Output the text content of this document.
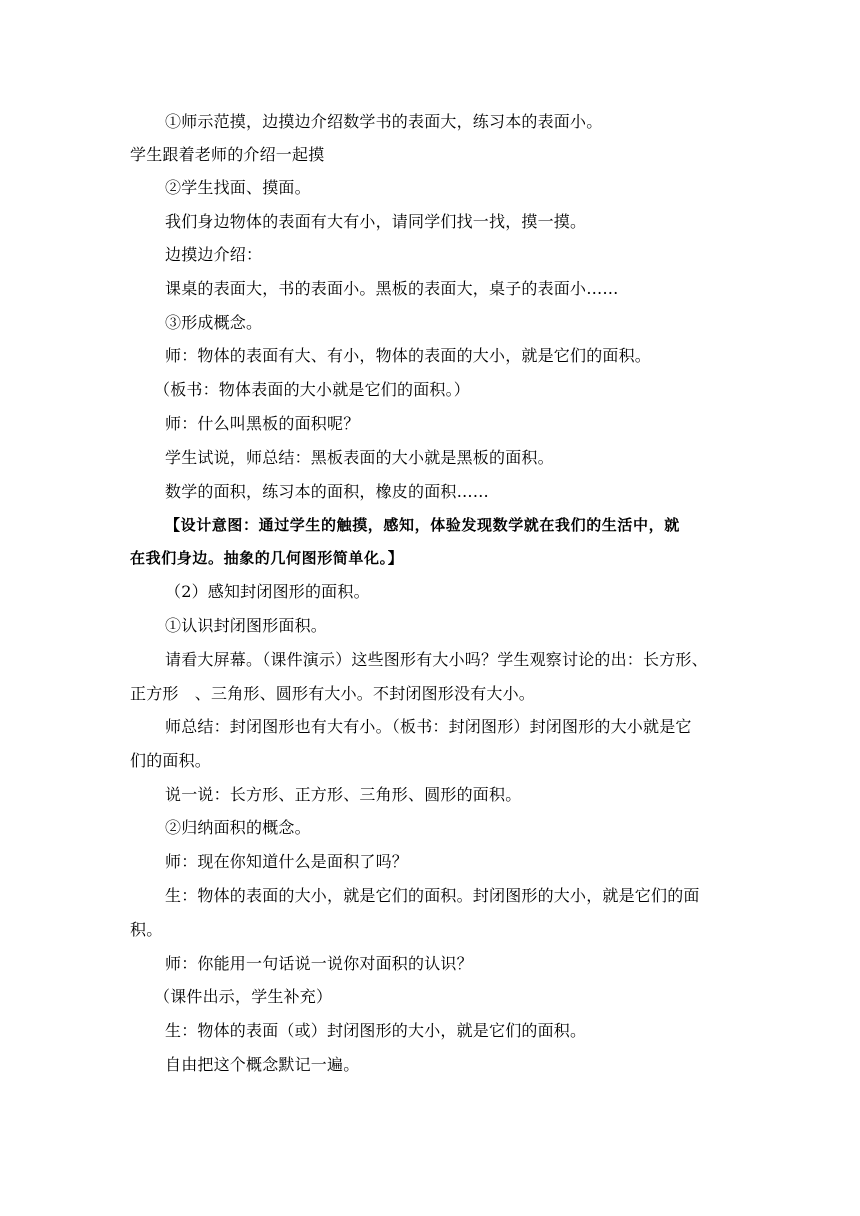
①师示范摸，边摸边介绍数学书的表面大，练习本的表面小。
学生跟着老师的介绍一起摸
②学生找面、摸面。
我们身边物体的表面有大有小，请同学们找一找，摸一摸。
边摸边介绍：
课桌的表面大，书的表面小。黑板的表面大，桌子的表面小……
③形成概念。
师：物体的表面有大、有小，物体的表面的大小，就是它们的面积。
（板书：物体表面的大小就是它们的面积。）
师：什么叫黑板的面积呢？
学生试说，师总结：黑板表面的大小就是黑板的面积。
数学的面积，练习本的面积，橡皮的面积……
【设计意图：通过学生的触摸，感知，体验发现数学就在我们的生活中，就
在我们身边。抽象的几何图形简单化。】
（2）感知封闭图形的面积。
①认识封闭图形面积。
请看大屏幕。（课件演示）这些图形有大小吗？学生观察讨论的出：长方形、
正方形　、三角形、圆形有大小。不封闭图形没有大小。
师总结：封闭图形也有大有小。（板书：封闭图形）封闭图形的大小就是它
们的面积。
说一说：长方形、正方形、三角形、圆形的面积。
②归纳面积的概念。
师：现在你知道什么是面积了吗？
生：物体的表面的大小，就是它们的面积。封闭图形的大小，就是它们的面
积。
师：你能用一句话说一说你对面积的认识？
（课件出示，学生补充）
生：物体的表面（或）封闭图形的大小，就是它们的面积。
自由把这个概念默记一遍。
